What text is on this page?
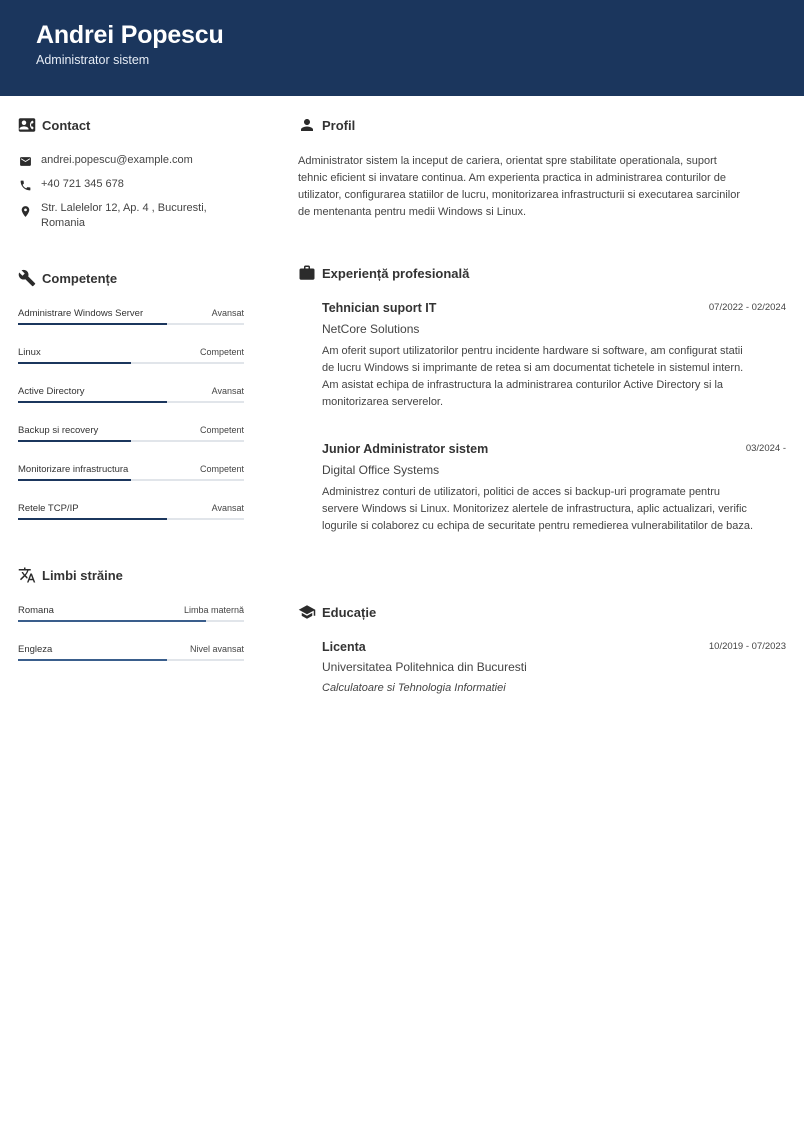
Andrei Popescu
Administrator sistem
Contact
andrei.popescu@example.com
+40 721 345 678
Str. Lalelelor 12, Ap. 4 , Bucuresti,
Romania
Competențe
Administrare Windows Server	Avansat
Linux	Competent
Active Directory	Avansat
Backup si recovery	Competent
Monitorizare infrastructura	Competent
Retele TCP/IP	Avansat
Limbi străine
Romana	Limba maternă
Engleza	Nivel avansat
Profil
Administrator sistem la inceput de cariera, orientat spre stabilitate operationala, suport
tehnic eficient si invatare continua. Am experienta practica in administrarea conturilor de
utilizator, configurarea statiilor de lucru, monitorizarea infrastructurii si executarea sarcinilor
de mentenanta pentru medii Windows si Linux.
Experiență profesională
Tehnician suport IT	07/2022 - 02/2024
NetCore Solutions
Am oferit suport utilizatorilor pentru incidente hardware si software, am configurat statii
de lucru Windows si imprimante de retea si am documentat tichetele in sistemul intern.
Am asistat echipa de infrastructura la administrarea conturilor Active Directory si la
monitorizarea serverelor.
Junior Administrator sistem	03/2024 -
Digital Office Systems
Administrez conturi de utilizatori, politici de acces si backup-uri programate pentru
servere Windows si Linux. Monitorizez alertele de infrastructura, aplic actualizari, verific
logurile si colaborez cu echipa de securitate pentru remedierea vulnerabilitatilor de baza.
Educație
Licenta	10/2019 - 07/2023
Universitatea Politehnica din Bucuresti
Calculatoare si Tehnologia Informatiei
